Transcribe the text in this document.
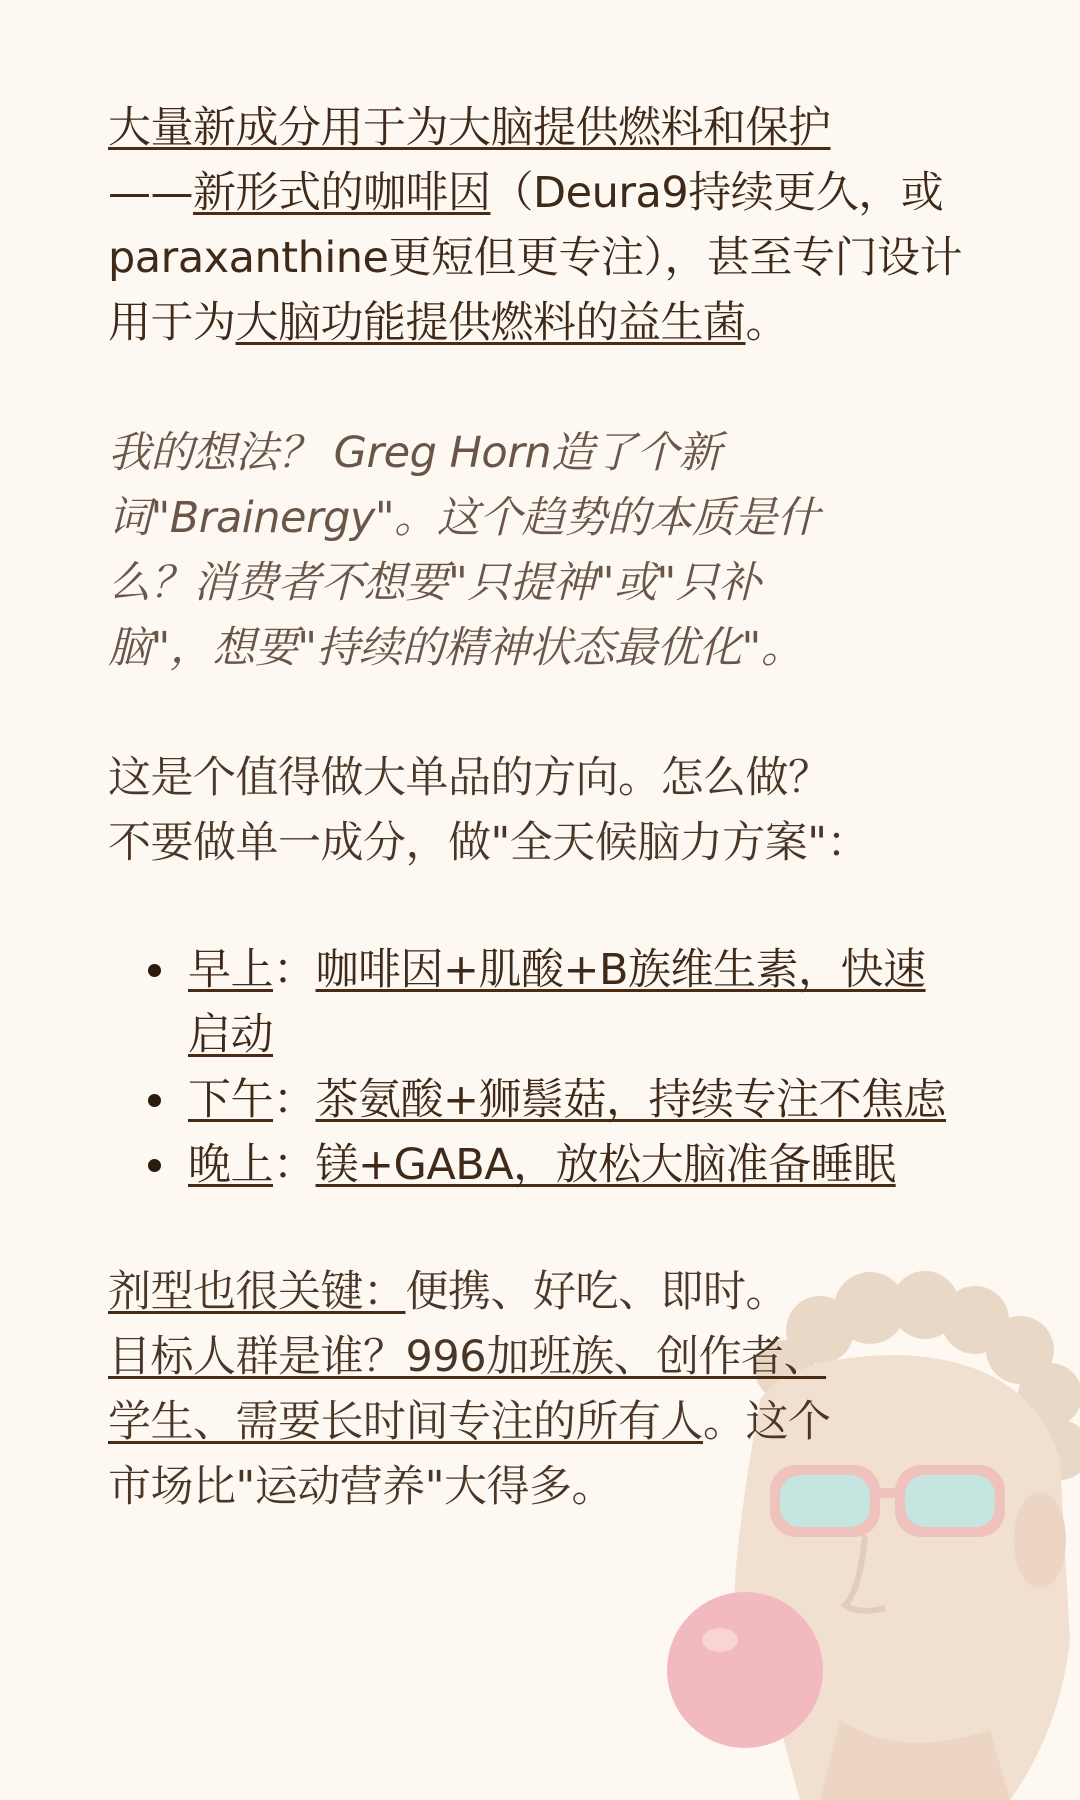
大量新成分用于为大脑提供燃料和保护
——新形式的咖啡因（Deura9持续更久，或paraxanthine更短但更专注），甚至专门设计用于为大脑功能提供燃料的益生菌。

我的想法？ Greg Horn造了个新词"Brainergy"。这个趋势的本质是什么？消费者不想要"只提神"或"只补脑"，想要"持续的精神状态最优化"。

这是个值得做大单品的方向。怎么做？
不要做单一成分，做"全天候脑力方案"：

早上：咖啡因+肌酸+B族维生素，快速启动
下午：茶氨酸+狮鬃菇，持续专注不焦虑
晚上：镁+GABA，放松大脑准备睡眠

剂型也很关键：便携、好吃、即时。
目标人群是谁？996加班族、创作者、学生、需要长时间专注的所有人。这个市场比"运动营养"大得多。
